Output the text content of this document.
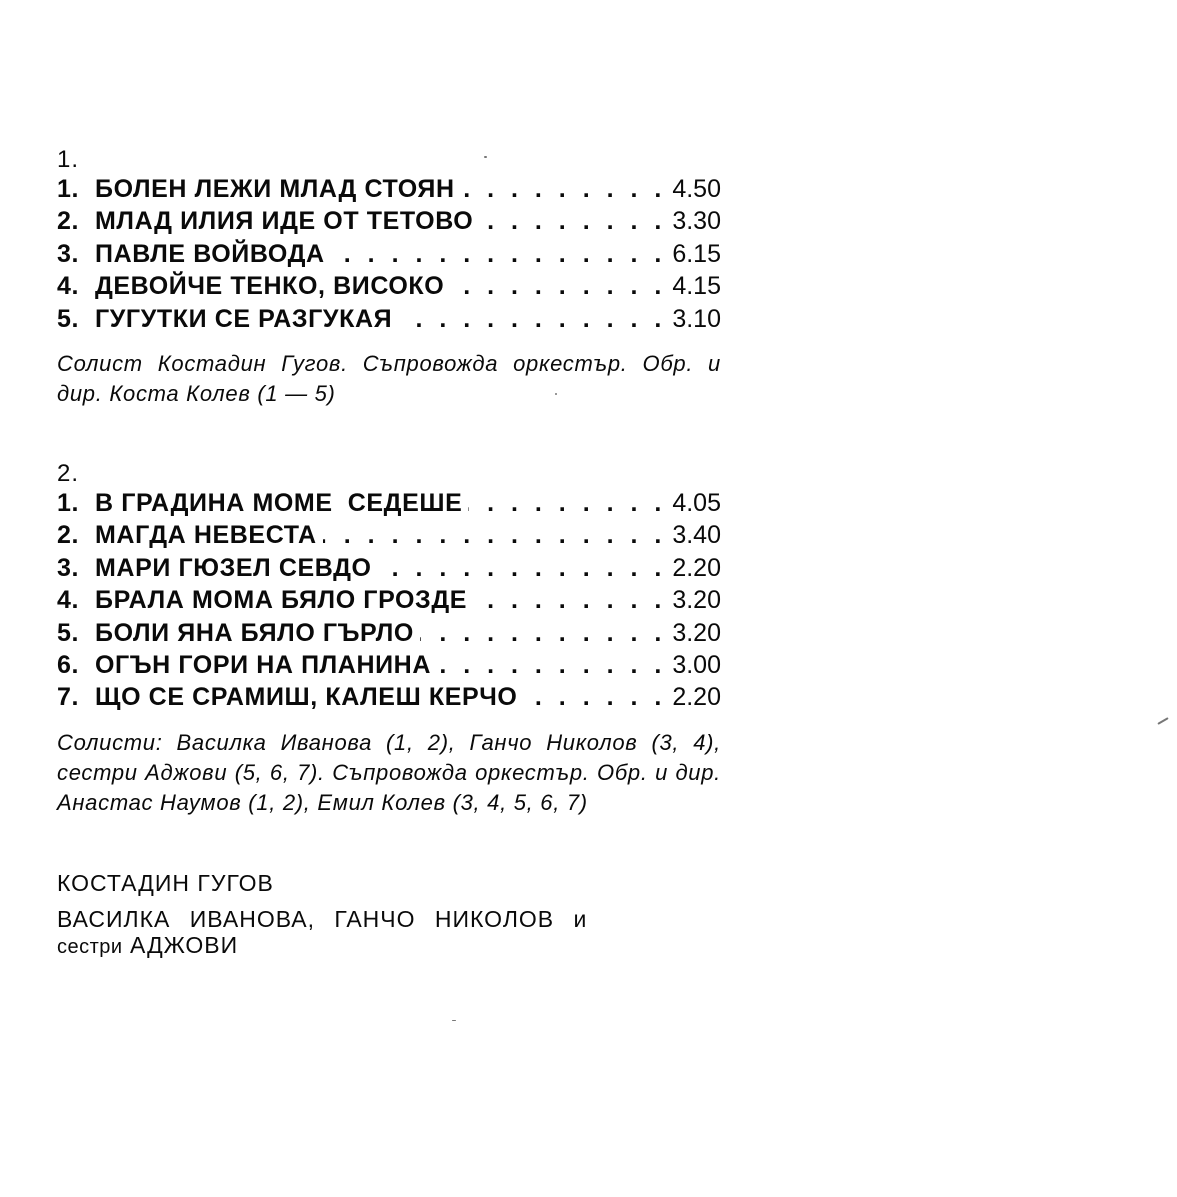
1.
1. БОЛЕН ЛЕЖИ МЛАД СТОЯН . . .	4.50
2. МЛАД ИЛИЯ ИДЕ ОТ ТЕТОВО . . .	3.30
3. ПАВЛЕ ВОЙВОДА . . .	6.15
4. ДЕВОЙЧЕ ТЕНКО, ВИСОКО . . .	4.15
5. ГУГУТКИ СЕ РАЗГУКАЯ . . .	3.10

Солист Костадин Гугов. Съпровожда оркестър. Обр. и дир. Коста Колев (1 — 5)

2.
1. В ГРАДИНА МОМЕ  СЕДЕШЕ . . .	4.05
2. МАГДА НЕВЕСТА . . .	3.40
3. МАРИ ГЮЗЕЛ СЕВДО . . .	2.20
4. БРАЛА МОМА БЯЛО ГРОЗДЕ . . .	3.20
5. БОЛИ ЯНА БЯЛО ГЪРЛО . . .	3.20
6. ОГЪН ГОРИ НА ПЛАНИНА . . .	3.00
7. ЩО СЕ СРАМИШ, КАЛЕШ КЕРЧО . . .	2.20

Солисти: Василка Иванова (1, 2), Ганчо Николов (3, 4), сестри Аджови (5, 6, 7). Съпровожда оркестър. Обр. и дир. Анастас Наумов (1, 2), Емил Колев (3, 4, 5, 6, 7)

КОСТАДИН ГУГОВ
ВАСИЛКА ИВАНОВА, ГАНЧО НИКОЛОВ и
сестри АДЖОВИ
